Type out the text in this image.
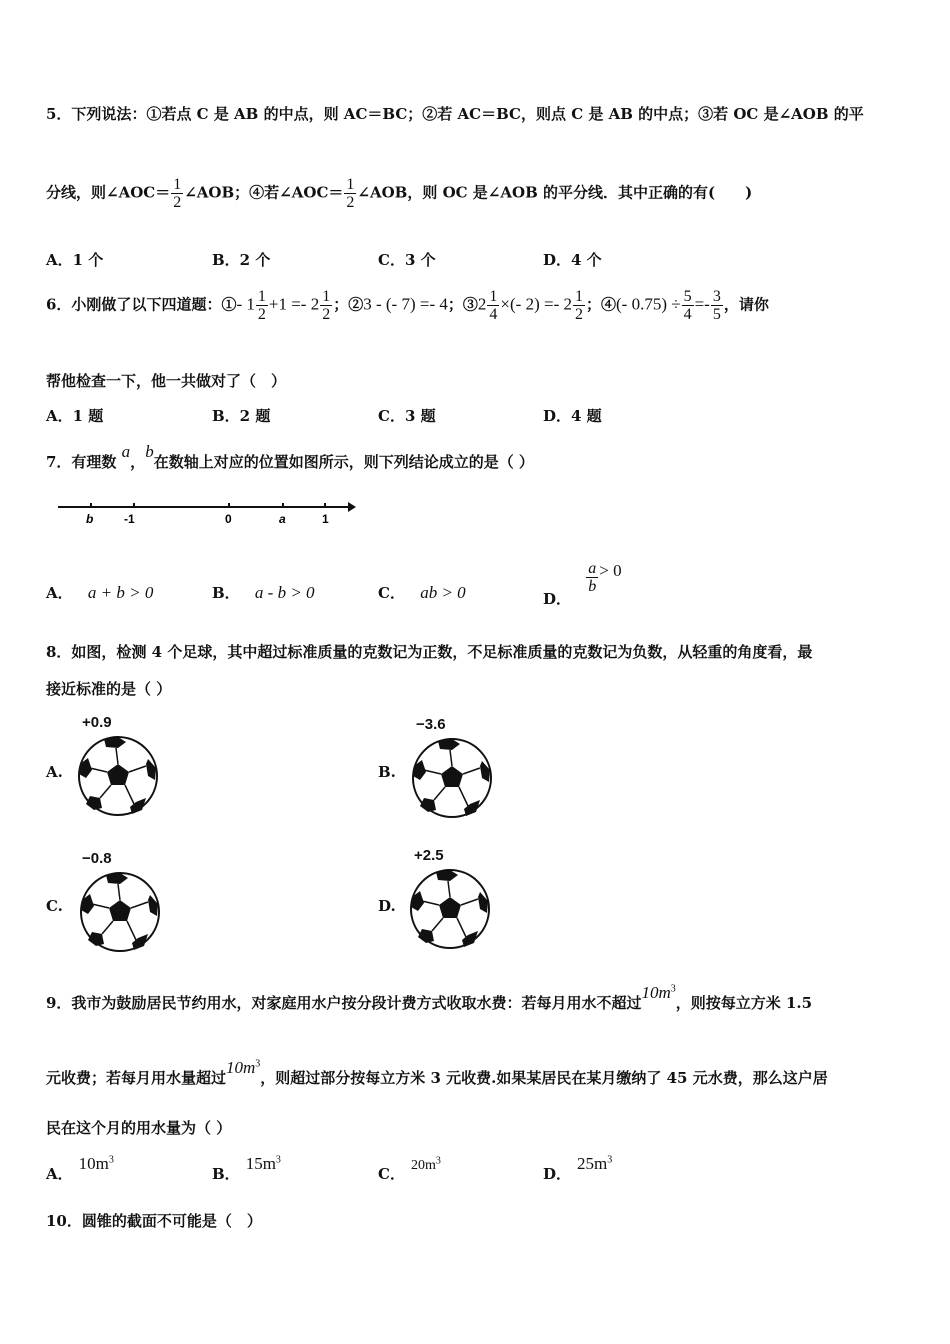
5．下列说法：①若点 C 是 AB 的中点，则 AC＝BC；②若 AC＝BC，则点 C 是 AB 的中点；③若 OC 是∠AOB 的平
分线，则∠AOC＝ $\frac{1}{2}$ ∠AOB；④若∠AOC＝ $\frac{1}{2}$ ∠AOB，则 OC 是∠AOB 的平分线．其中正确的有(　　)
A．1 个	B．2 个	C．3 个	D．4 个
6．小刚做了以下四道题：①- $1 \frac{1}{2} +1 =- 2 \frac{1}{2}$ ；②3 - (- 7) =- 4；③2 $\frac{1}{4}$ ×(- $2) =- 2 \frac{1}{2}$ ；④(- $0.75) \div \frac{5}{4} =- \frac{3}{5}$ ，请你
帮他检查一下，他一共做对了（　）
A．1 题	B．2 题	C．3 题	D．4 题
7．有理数 a，b在数轴上对应的位置如图所示，则下列结论成立的是（ ）
b	-1	0	a	1
A． a + b > 0	B． a - b > 0	C． ab > 0	D．
$\frac{a}{b} > 0$
8．如图，检测 4 个足球，其中超过标准质量的克数记为正数，不足标准质量的克数记为负数，从轻重的角度看，最
接近标准的是（ ）
A.
+0.9
B.
−3.6
C.
−0.8
D.
+2.5
9．我市为鼓励居民节约用水，对家庭用水户按分段计费方式收取水费：若每月用水不超过$10m^3$，则按每立方米 1.5
元收费；若每月用水量超过$10m^3$，则超过部分按每立方米 3 元收费.如果某居民在某月缴纳了 45 元水费，那么这户居
民在这个月的用水量为（ ）
A．$10m^3$
B．$15m^3$
C． $20m^3$
D．$25m^3$
10．圆锥的截面不可能是（　）
